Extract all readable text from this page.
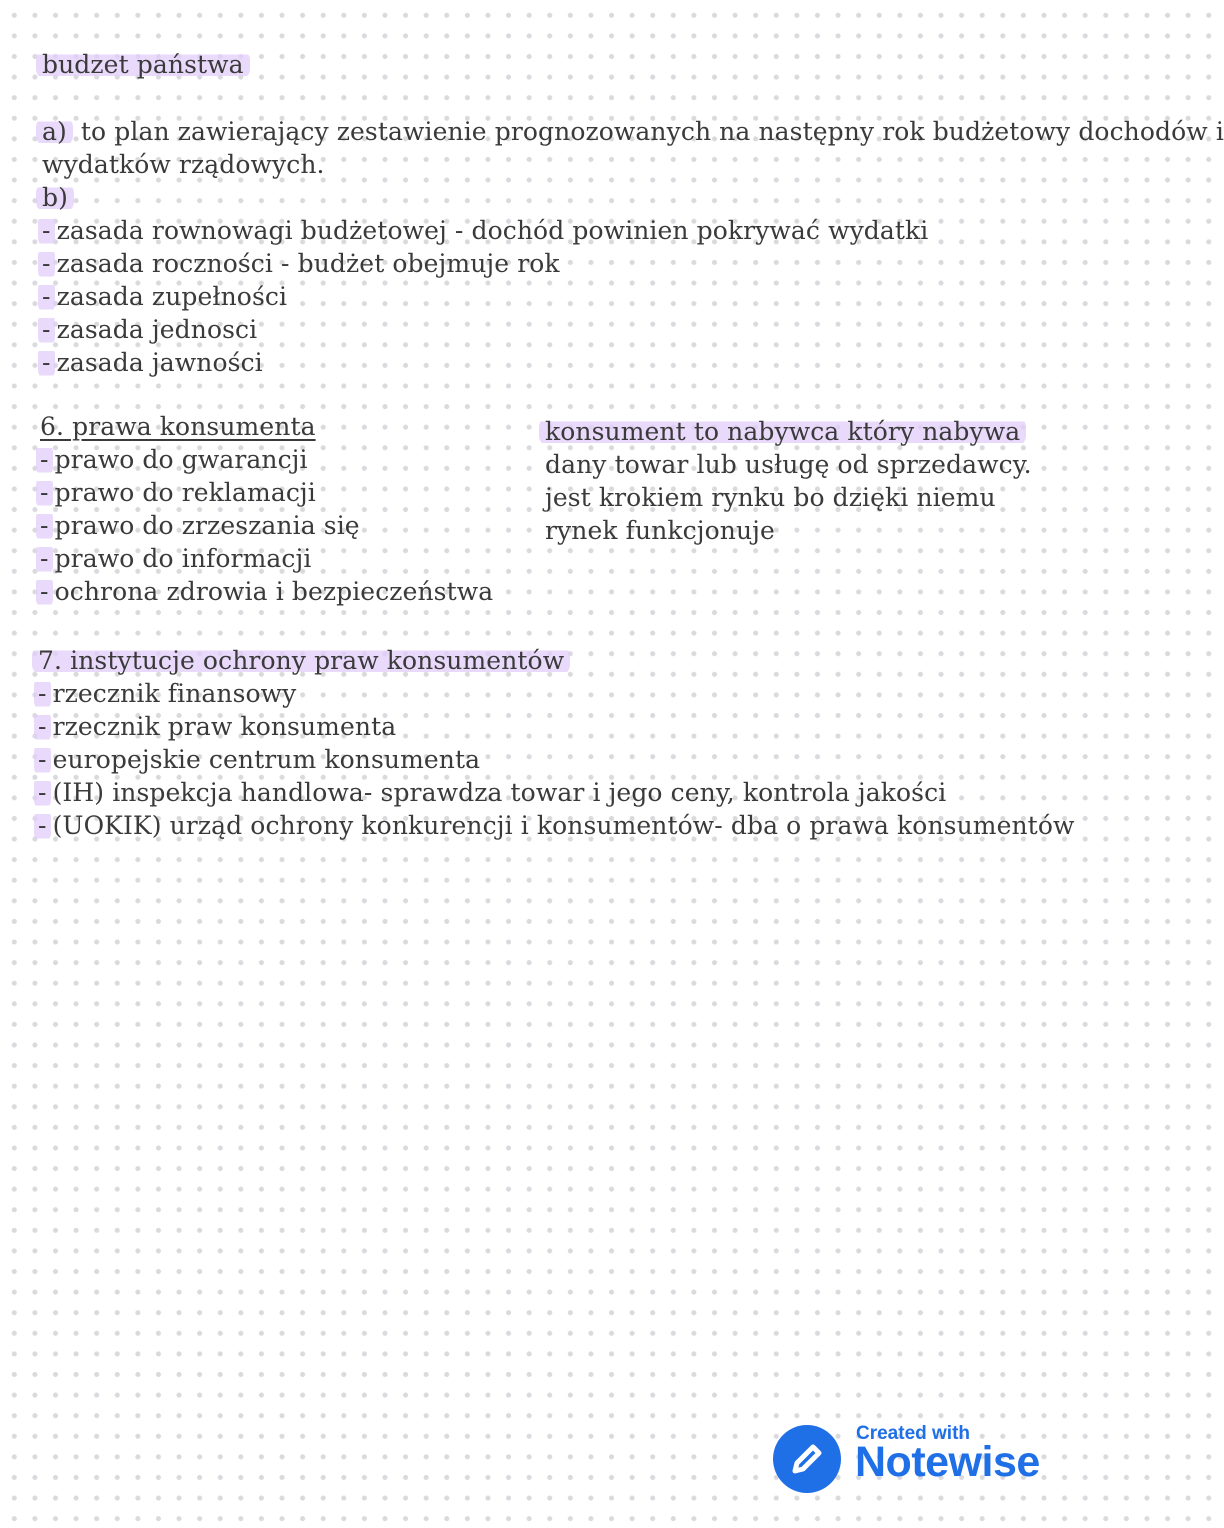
budzet państwa
a) to plan zawierający zestawienie prognozowanych na następny rok budżetowy dochodów i
wydatków rządowych.
b)
- zasada rownowagi budżetowej - dochód powinien pokrywać wydatki
- zasada roczności - budżet obejmuje rok
- zasada zupełności
- zasada jednosci
- zasada jawności
6. prawa konsumenta
- prawo do gwarancji
- prawo do reklamacji
- prawo do zrzeszania się
- prawo do informacji
- ochrona zdrowia i bezpieczeństwa
konsument to nabywca który nabywa
dany towar lub usługę od sprzedawcy.
jest krokiem rynku bo dzięki niemu
rynek funkcjonuje
7. instytucje ochrony praw konsumentów
- rzecznik finansowy
- rzecznik praw konsumenta
- europejskie centrum konsumenta
- (IH) inspekcja handlowa- sprawdza towar i jego ceny, kontrola jakości
- (UOKIK) urząd ochrony konkurencji i konsumentów- dba o prawa konsumentów
Created with
Notewise
